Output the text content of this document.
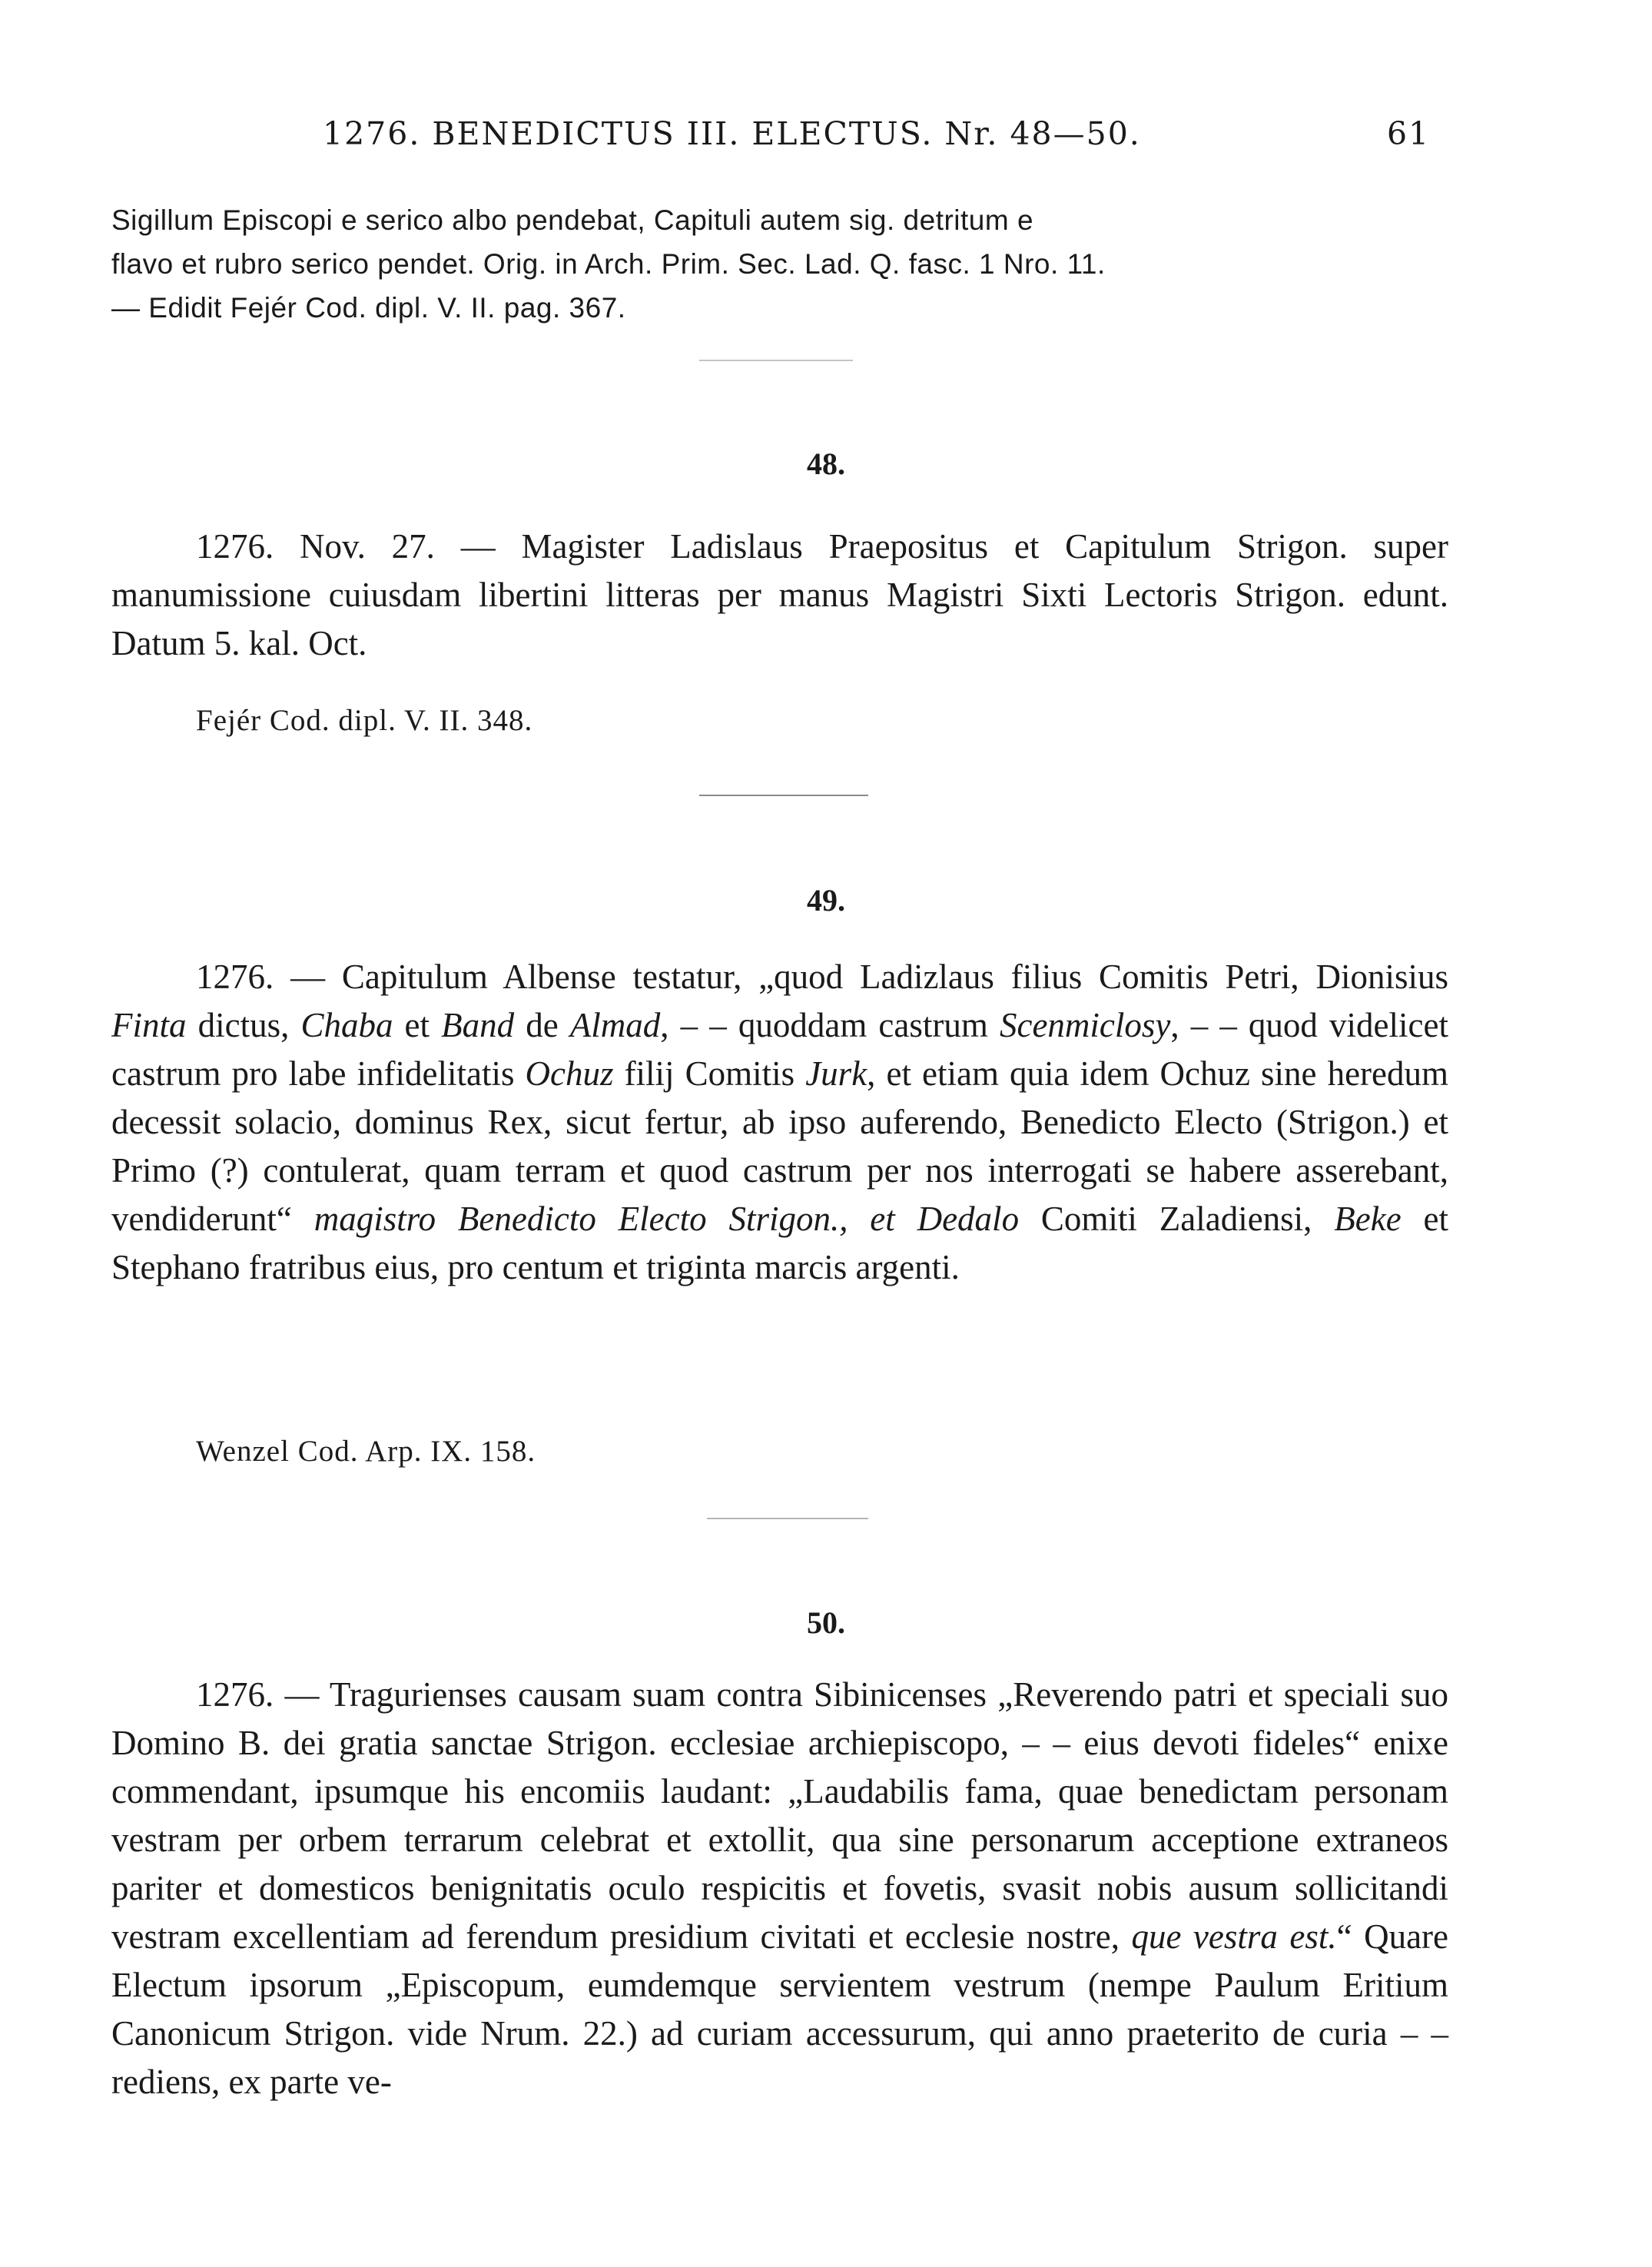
1276. BENEDICTUS III. ELECTUS. Nr. 48—50.	61

Sigillum Episcopi e serico albo pendebat, Capituli autem sig. detritum e

flavo et rubro serico pendet. Orig. in Arch. Prim. Sec. Lad. Q. fasc. 1 Nro. 11.

— Edidit Fejér Cod. dipl. V. II. pag. 367.

48.

1276. Nov. 27. — Magister Ladislaus Praepositus et Capitulum Strigon. super manumissione cuiusdam libertini litteras per manus Magistri Sixti Lectoris Strigon. edunt. Datum 5. kal. Oct.

Fejér Cod. dipl. V. II. 348.
49.

1276. — Capitulum Albense testatur, „quod Ladizlaus filius Comitis Petri, Dionisius Finta dictus, Chaba et Band de Almad, – – quoddam castrum Scenmiclosy, – – quod videlicet castrum pro labe infidelitatis Ochuz filij Comitis Jurk, et etiam quia idem Ochuz sine heredum decessit solacio, dominus Rex, sicut fertur, ab ipso auferendo, Benedicto Electo (Strigon.) et Primo (?) contulerat, quam terram et quod castrum per nos interrogati se habere asserebant, vendiderunt“ magistro Benedicto Electo Strigon., et Dedalo Comiti Zaladiensi, Beke et Stephano fratribus eius, pro centum et triginta marcis argenti.

Wenzel Cod. Arp. IX. 158.
50.

1276. — Traguriensеs causam suam contra Sibinicenses „Reverendo patri et speciali suo Domino B. dei gratia sanctae Strigon. ecclesiae archiepiscopo, – – eius devoti fideles“ enixe commendant, ipsumque his encomiis laudant: „Laudabilis fama, quae benedictam personam vestram per orbem terrarum celebrat et extollit, qua sine personarum acceptione extraneos pariter et domesticos benignitatis oculo respicitis et fovetis, svasit nobis ausum sollicitandi vestram excellentiam ad ferendum presidium civitati et ecclesie nostre, que vestra est.“ Quare Electum ipsorum „Episcopum, eumdemque servientem vestrum (nempe Paulum Eritium Canonicum Strigon. vide Nrum. 22.) ad curiam accessurum, qui anno praeterito de curia – – rediens, ex parte ve-
